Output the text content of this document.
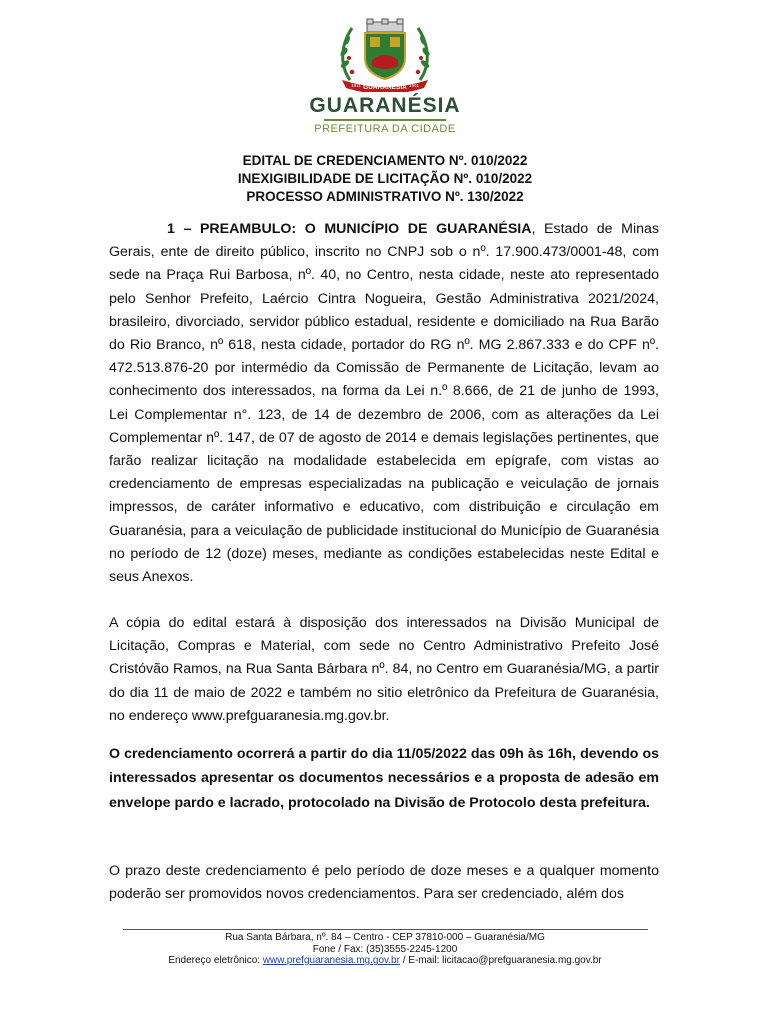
GUARANÉSIA
1911	1901
GUARANÉSIA
PREFEITURA DA CIDADE
EDITAL DE CREDENCIAMENTO Nº. 010/2022
INEXIGIBILIDADE DE LICITAÇÃO Nº. 010/2022
PROCESSO ADMINISTRATIVO Nº. 130/2022
1 – PREAMBULO: O MUNICÍPIO DE GUARANÉSIA, Estado de Minas Gerais, ente de direito público, inscrito no CNPJ sob o nº. 17.900.473/0001-48, com sede na Praça Rui Barbosa, nº. 40, no Centro, nesta cidade, neste ato representado pelo Senhor Prefeito, Laércio Cintra Nogueira, Gestão Administrativa 2021/2024, brasileiro, divorciado, servidor público estadual, residente e domiciliado na Rua Barão do Rio Branco, nº 618, nesta cidade, portador do RG nº. MG 2.867.333 e do CPF nº. 472.513.876-20 por intermédio da Comissão de Permanente de Licitação, levam ao conhecimento dos interessados, na forma da Lei n.º 8.666, de 21 de junho de 1993, Lei Complementar n°. 123, de 14 de dezembro de 2006, com as alterações da Lei Complementar nº. 147, de 07 de agosto de 2014 e demais legislações pertinentes, que farão realizar licitação na modalidade estabelecida em epígrafe, com vistas ao credenciamento de empresas especializadas na publicação e veiculação de jornais impressos, de caráter informativo e educativo, com distribuição e circulação em Guaranésia, para a veiculação de publicidade institucional do Município de Guaranésia no período de 12 (doze) meses, mediante as condições estabelecidas neste Edital e seus Anexos.
A cópia do edital estará à disposição dos interessados na Divisão Municipal de Licitação, Compras e Material, com sede no Centro Administrativo Prefeito José Cristóvão Ramos, na Rua Santa Bárbara nº. 84, no Centro em Guaranésia/MG, a partir do dia 11 de maio de 2022 e também no sitio eletrônico da Prefeitura de Guaranésia, no endereço www.prefguaranesia.mg.gov.br.
O credenciamento ocorrerá a partir do dia 11/05/2022 das 09h às 16h, devendo os interessados apresentar os documentos necessários e a proposta de adesão em envelope pardo e lacrado, protocolado na Divisão de Protocolo desta prefeitura.
O prazo deste credenciamento é pelo período de doze meses e a qualquer momento poderão ser promovidos novos credenciamentos. Para ser credenciado, além dos
Rua Santa Bárbara, nº. 84 – Centro - CEP 37810-000 – Guaranésia/MG
Fone / Fax: (35)3555-2245-1200
Endereço eletrônico: www.prefguaranesia.mg.gov.br / E-mail: licitacao@prefguaranesia.mg.gov.br
